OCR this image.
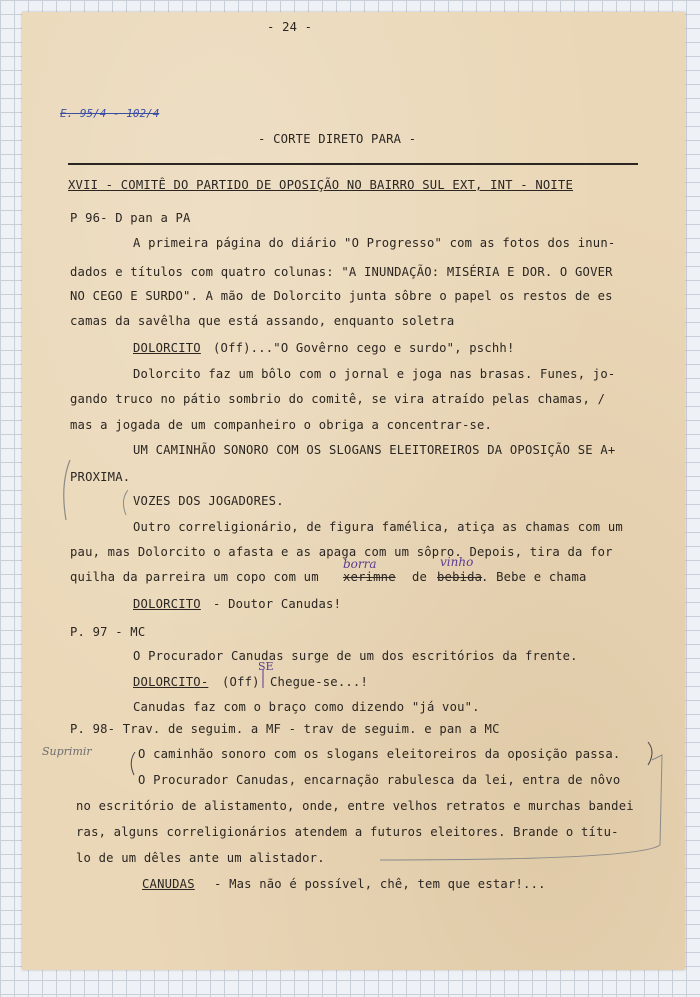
- 24 -
E. 95/4 - 102/4
- CORTE DIRETO PARA -
XVII - COMITÊ DO PARTIDO DE OPOSIÇÃO NO BAIRRO SUL EXT, INT - NOITE
P 96- D pan a PA
A primeira página do diário "O Progresso" com as fotos dos inun-
dados e títulos com quatro colunas: "A INUNDAÇÃO: MISÉRIA E DOR. O GOVER
NO CEGO E SURDO". A mão de Dolorcito junta sôbre o papel os restos de es
camas da savêlha que está assando, enquanto soletra
DOLORCITO (Off)..."O Govêrno cego e surdo", pschh!
Dolorcito faz um bôlo com o jornal e joga nas brasas. Funes, jo-
gando truco no pátio sombrio do comitê, se vira atraído pelas chamas, /
mas a jogada de um companheiro o obriga a concentrar-se.
UM CAMINHÃO SONORO COM OS SLOGANS ELEITOREIROS DA OPOSIÇÃO SE A+
PROXIMA.
VOZES DOS JOGADORES.
Outro correligionário, de figura famélica, atiça as chamas com um
pau, mas Dolorcito o afasta e as apaga com um sôpro. Depois, tira da for
quilha da parreira um copo com um xerimne de bebida
. Bebe e chama
borra	vinho
DOLORCITO - Doutor Canudas!
P. 97 - MC
O Procurador Canudas surge de um dos escritórios da frente.
DOLORCITO- (Off) Chegue-se...!
SE
Canudas faz com o braço como dizendo "já vou".
P. 98- Trav. de seguim. a MF - trav de seguim. e pan a MC
O caminhão sonoro com os slogans eleitoreiros da oposição passa.
Suprimir
O Procurador Canudas, encarnação rabulesca da lei, entra de nôvo
no escritório de alistamento, onde, entre velhos retratos e murchas bandei
ras, alguns correligionários atendem a futuros eleitores. Brande o títu-
lo de um dêles ante um alistador.
CANUDAS - Mas não é possível, chê, tem que estar!...
